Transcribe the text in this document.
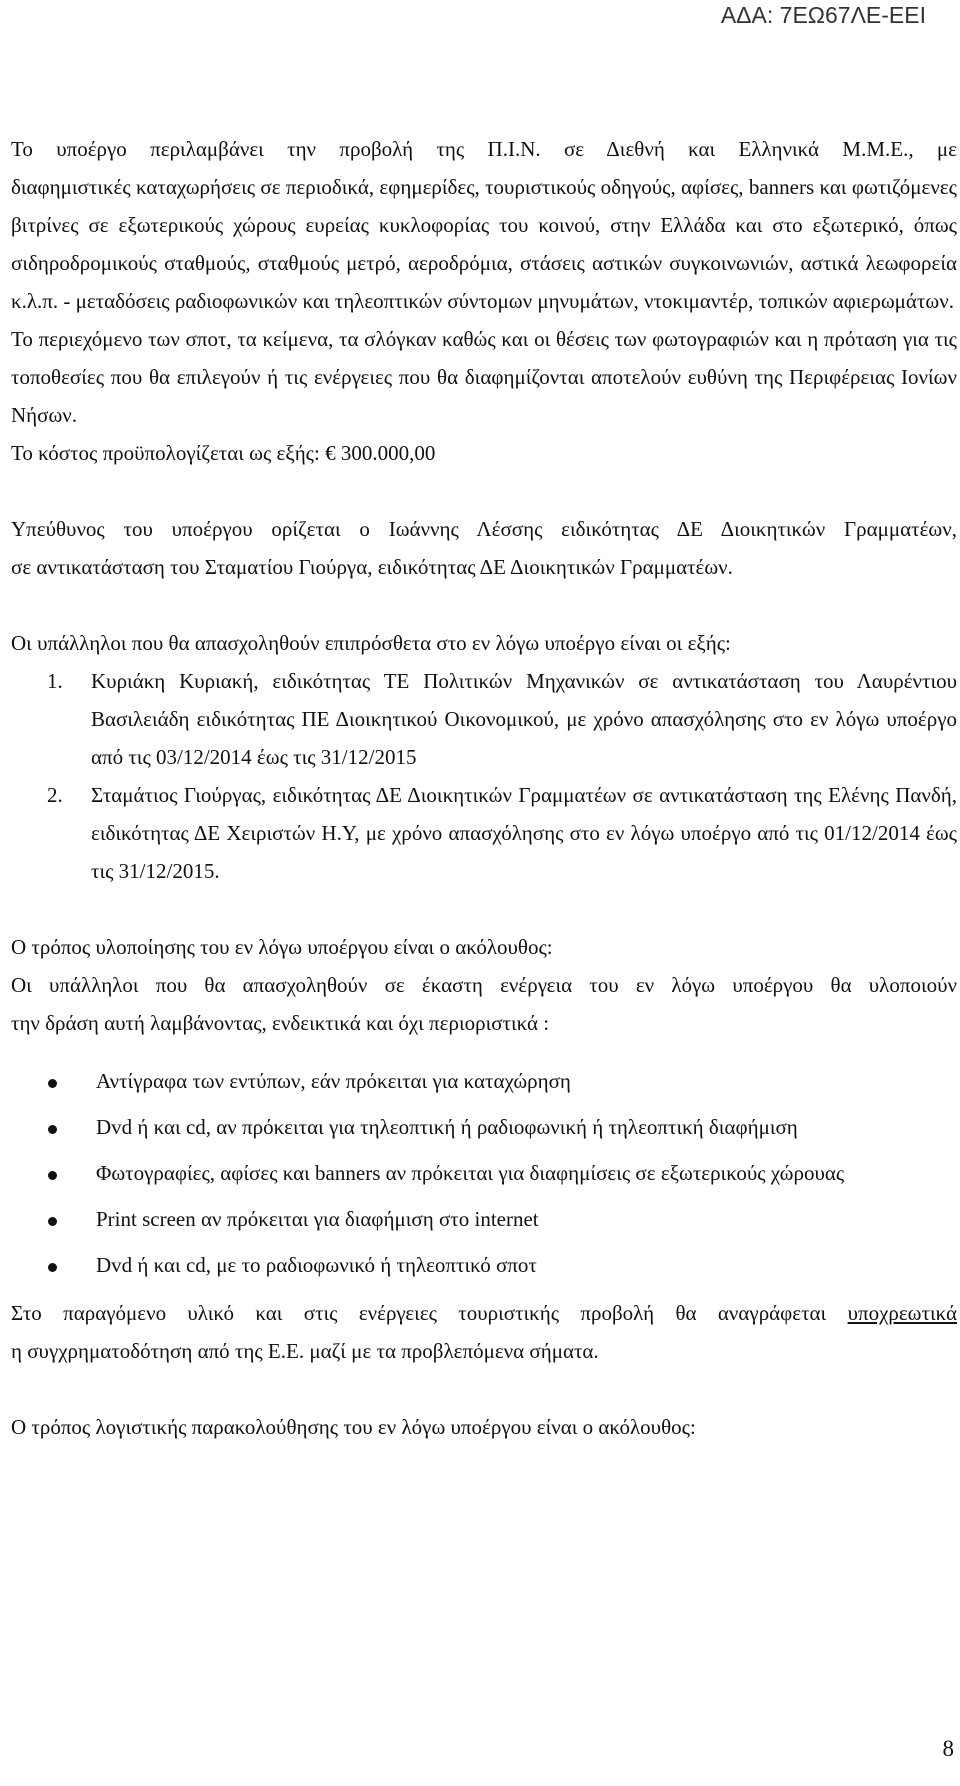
ΑΔΑ: 7ΕΩ67ΛΕ-ΕΕΙ

Το υποέργο περιλαμβάνει την προβολή της Π.Ι.Ν. σε Διεθνή και Ελληνικά Μ.Μ.Ε., με

διαφημιστικές καταχωρήσεις σε περιοδικά, εφημερίδες, τουριστικούς οδηγούς, αφίσες, banners και φωτιζόμενες βιτρίνες σε εξωτερικούς χώρους ευρείας κυκλοφορίας του κοινού, στην Ελλάδα και στο εξωτερικό, όπως σιδηροδρομικούς σταθμούς, σταθμούς μετρό, αεροδρόμια, στάσεις αστικών συγκοινωνιών, αστικά λεωφορεία κ.λ.π. - μεταδόσεις ραδιοφωνικών και τηλεοπτικών σύντομων μηνυμάτων, ντοκιμαντέρ, τοπικών αφιερωμάτων.

Το περιεχόμενο των σποτ, τα κείμενα, τα σλόγκαν καθώς και οι θέσεις των φωτογραφιών και η πρόταση για τις τοποθεσίες που θα επιλεγούν ή τις ενέργειες που θα διαφημίζονται αποτελούν ευθύνη της Περιφέρειας Ιονίων Νήσων.

Το κόστος προϋπολογίζεται ως εξής: € 300.000,00

Υπεύθυνος του υποέργου ορίζεται ο Ιωάννης Λέσσης ειδικότητας ΔΕ Διοικητικών Γραμματέων,

σε αντικατάσταση του Σταματίου Γιούργα, ειδικότητας ΔΕ Διοικητικών Γραμματέων.

Οι υπάλληλοι που θα απασχοληθούν επιπρόσθετα στο εν λόγω υποέργο είναι οι εξής:

1.	Κυριάκη Κυριακή, ειδικότητας ΤΕ Πολιτικών Μηχανικών σε αντικατάσταση του Λαυρέντιου Βασιλειάδη ειδικότητας ΠΕ Διοικητικού Οικονομικού, με χρόνο απασχόλησης στο εν λόγω υποέργο από τις 03/12/2014 έως τις 31/12/2015
2.	Σταμάτιος Γιούργας, ειδικότητας ΔΕ Διοικητικών Γραμματέων σε αντικατάσταση της Ελένης Πανδή, ειδικότητας ΔΕ Χειριστών Η.Υ, με χρόνο απασχόλησης στο εν λόγω υποέργο από τις 01/12/2014 έως τις 31/12/2015.

Ο τρόπος υλοποίησης του εν λόγω υποέργου είναι ο ακόλουθος:

Οι υπάλληλοι που θα απασχοληθούν σε έκαστη ενέργεια του εν λόγω υποέργου θα υλοποιούν

την δράση αυτή λαμβάνοντας, ενδεικτικά και όχι περιοριστικά :

Αντίγραφα των εντύπων, εάν πρόκειται για καταχώρηση
Dvd ή και cd, αν πρόκειται για τηλεοπτική ή ραδιοφωνική ή τηλεοπτική διαφήμιση
Φωτογραφίες, αφίσες και banners αν πρόκειται για διαφημίσεις σε εξωτερικούς χώρουας
Print screen αν πρόκειται για διαφήμιση στο internet
Dvd ή και cd, με το ραδιοφωνικό ή τηλεοπτικό σποτ

Στο παραγόμενο υλικό και στις ενέργειες τουριστικής προβολή θα αναγράφεται υποχρεωτικά

η συγχρηματοδότηση από της Ε.Ε. μαζί με τα προβλεπόμενα σήματα.

Ο τρόπος λογιστικής παρακολούθησης του εν λόγω υποέργου είναι ο ακόλουθος:

8
